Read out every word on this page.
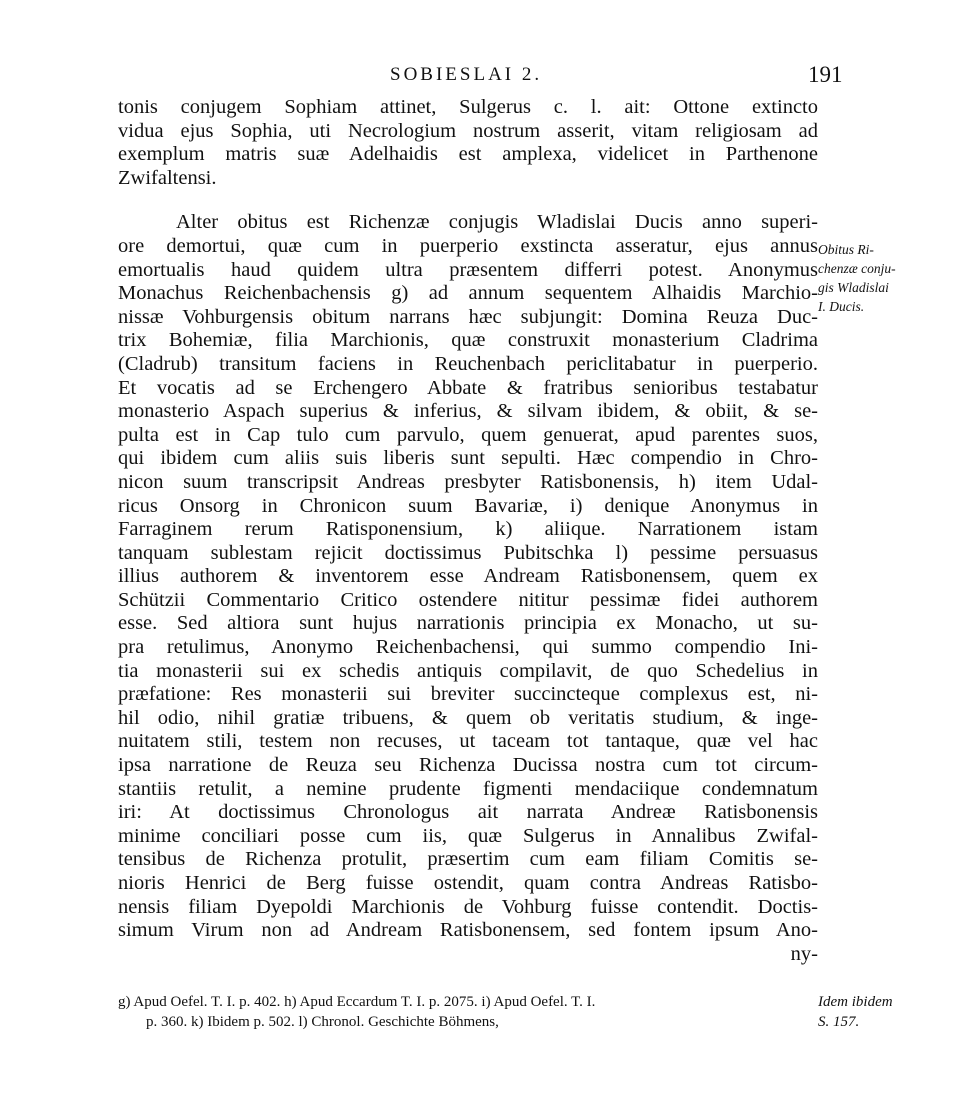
SOBIESLAI 2.	191
tonis conjugem Sophiam attinet, Sulgerus c. l. ait: Ottone extincto
vidua ejus Sophia, uti Necrologium nostrum asserit, vitam religiosam ad
exemplum matris suæ Adelhaidis est amplexa, videlicet in Parthenone
Zwifaltensi.
Alter obitus est Richenzæ conjugis Wladislai Ducis anno superi-
ore demortui, quæ cum in puerperio exstincta asseratur, ejus annus
emortualis haud quidem ultra præsentem differri potest. Anonymus
Monachus Reichenbachensis g) ad annum sequentem Alhaidis Marchio-
nissæ Vohburgensis obitum narrans hæc subjungit: Domina Reuza Duc-
trix Bohemiæ, filia Marchionis, quæ construxit monasterium Cladrima
(Cladrub) transitum faciens in Reuchenbach periclitabatur in puerperio.
Et vocatis ad se Erchengero Abbate & fratribus senioribus testabatur
monasterio Aspach superius & inferius, & silvam ibidem, & obiit, & se-
pulta est in Cap tulo cum parvulo, quem genuerat, apud parentes suos,
qui ibidem cum aliis suis liberis sunt sepulti. Hæc compendio in Chro-
nicon suum transcripsit Andreas presbyter Ratisbonensis, h) item Udal-
ricus Onsorg in Chronicon suum Bavariæ, i) denique Anonymus in
Farraginem rerum Ratisponensium, k) aliique. Narrationem istam
tanquam sublestam rejicit doctissimus Pubitschka l) pessime persuasus
illius authorem & inventorem esse Andream Ratisbonensem, quem ex
Schützii Commentario Critico ostendere nititur pessimæ fidei authorem
esse. Sed altiora sunt hujus narrationis principia ex Monacho, ut su-
pra retulimus, Anonymo Reichenbachensi, qui summo compendio Ini-
tia monasterii sui ex schedis antiquis compilavit, de quo Schedelius in
præfatione: Res monasterii sui breviter succincteque complexus est, ni-
hil odio, nihil gratiæ tribuens, & quem ob veritatis studium, & inge-
nuitatem stili, testem non recuses, ut taceam tot tantaque, quæ vel hac
ipsa narratione de Reuza seu Richenza Ducissa nostra cum tot circum-
stantiis retulit, a nemine prudente figmenti mendaciique condemnatum
iri: At doctissimus Chronologus ait narrata Andreæ Ratisbonensis
minime conciliari posse cum iis, quæ Sulgerus in Annalibus Zwifal-
tensibus de Richenza protulit, præsertim cum eam filiam Comitis se-
nioris Henrici de Berg fuisse ostendit, quam contra Andreas Ratisbo-
nensis filiam Dyepoldi Marchionis de Vohburg fuisse contendit. Doctis-
simum Virum non ad Andream Ratisbonensem, sed fontem ipsum Ano-
ny-
Obitus Ri-
chenzæ conju-
gis Wladislai
I. Ducis.
g) Apud Oefel. T. I. p. 402. h) Apud Eccardum T. I. p. 2075. i) Apud Oefel. T. I.
p. 360. k) Ibidem p. 502. l) Chronol. Geschichte Böhmens,
Idem ibidem
S. 157.
